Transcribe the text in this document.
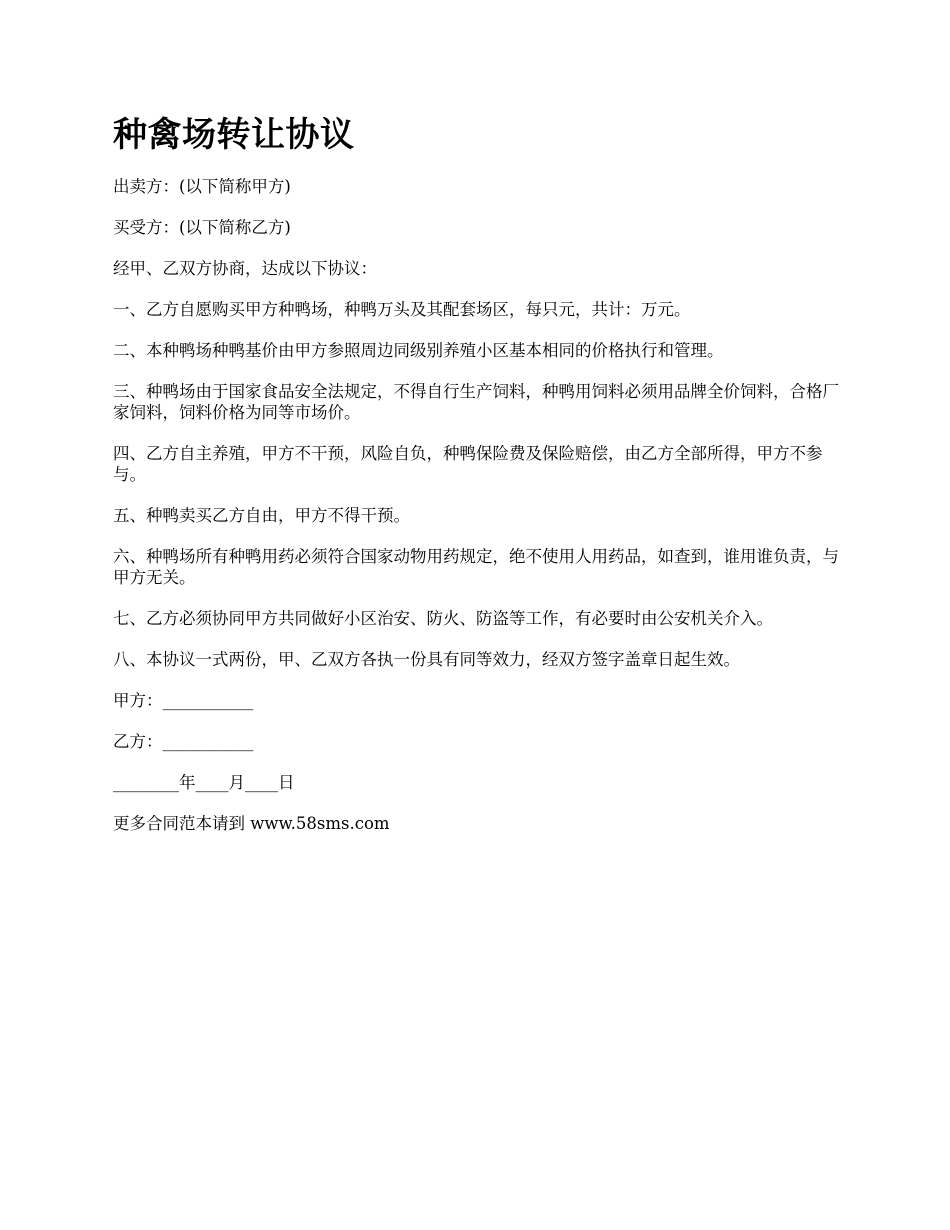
种禽场转让协议

出卖方：(以下简称甲方)

买受方：(以下简称乙方)

经甲、乙双方协商，达成以下协议：

一、乙方自愿购买甲方种鸭场，种鸭万头及其配套场区，每只元，共计：万元。

二、本种鸭场种鸭基价由甲方参照周边同级别养殖小区基本相同的价格执行和管理。

三、种鸭场由于国家食品安全法规定，不得自行生产饲料，种鸭用饲料必须用品牌全价饲料，合格厂家饲料，饲料价格为同等市场价。

四、乙方自主养殖，甲方不干预，风险自负，种鸭保险费及保险赔偿，由乙方全部所得，甲方不参与。

五、种鸭卖买乙方自由，甲方不得干预。

六、种鸭场所有种鸭用药必须符合国家动物用药规定，绝不使用人用药品，如查到，谁用谁负责，与甲方无关。

七、乙方必须协同甲方共同做好小区治安、防火、防盗等工作，有必要时由公安机关介入。

八、本协议一式两份，甲、乙双方各执一份具有同等效力，经双方签字盖章日起生效。

甲方：___________

乙方：___________

________年____月____日

更多合同范本请到 www.58sms.com
